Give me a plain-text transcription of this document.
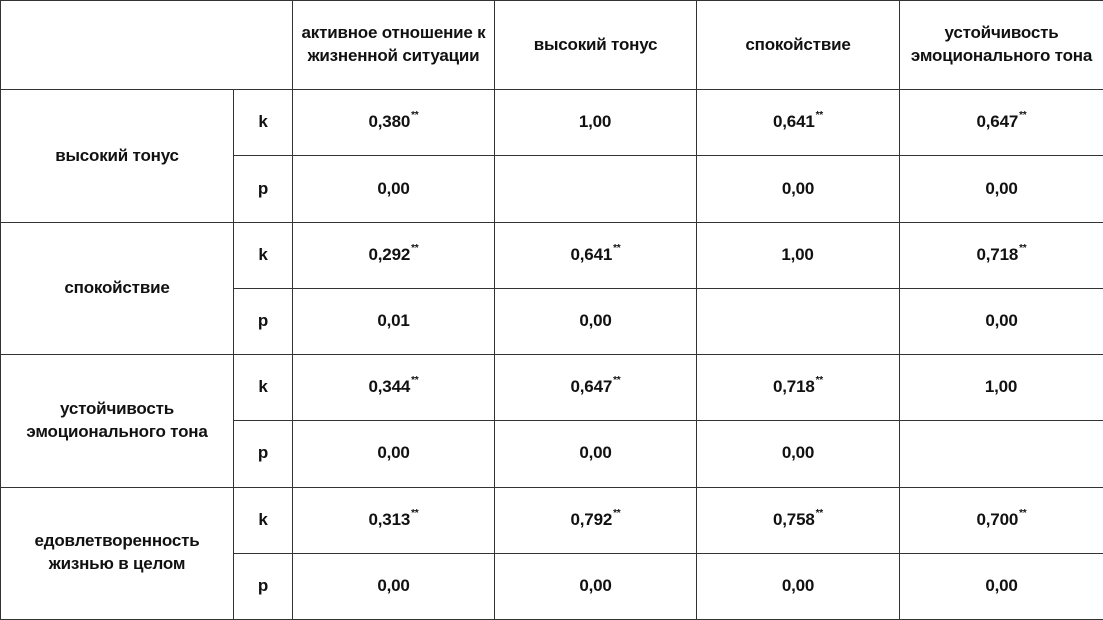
		активное отношение к жизненной ситуации	высокий тонус	спокойствие	устойчивость эмоционального тона
высокий тонус	k	0,380**	1,00	0,641**	0,647**
	p	0,00		0,00	0,00
спокойствие	k	0,292**	0,641**	1,00	0,718**
	p	0,01	0,00		0,00
устойчивость эмоционального тона	k	0,344**	0,647**	0,718**	1,00
	p	0,00	0,00	0,00	
едовлетворенность жизнью в целом	k	0,313**	0,792**	0,758**	0,700**
	p	0,00	0,00	0,00	0,00
